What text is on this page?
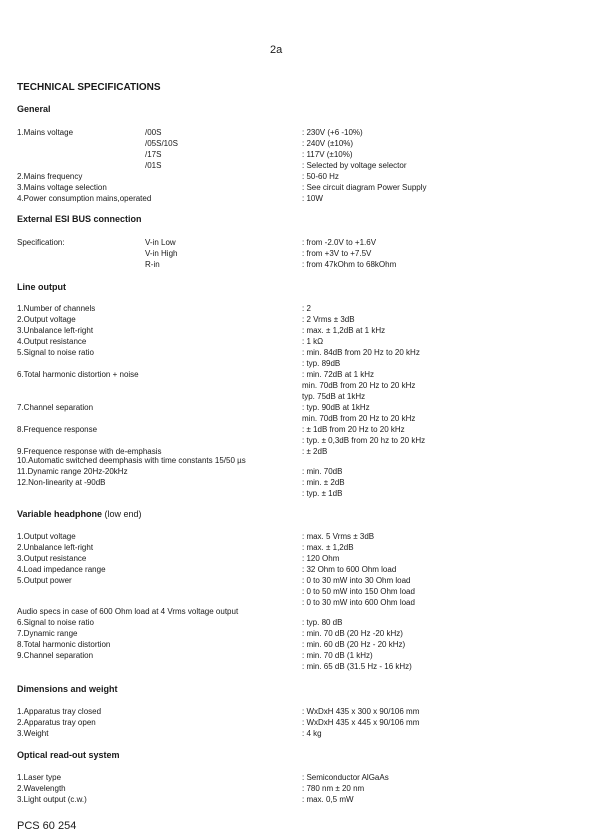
2a
TECHNICAL SPECIFICATIONS
General
1.Mains voltage	/00S	: 230V (+6 -10%)
/05S/10S	: 240V (±10%)
/17S	: 117V (±10%)
/01S	: Selected by voltage selector
2.Mains frequency	: 50-60 Hz
3.Mains voltage selection	: See circuit diagram Power Supply
4.Power consumption mains,operated	: 10W
External ESI BUS connection
Specification:	V-in Low	: from -2.0V to +1.6V
V-in High	: from +3V to +7.5V
R-in	: from 47kOhm to 68kOhm
Line output
1.Number of channels	: 2
2.Output voltage	: 2 Vrms ± 3dB
3.Unbalance left-right	: max. ± 1,2dB at 1 kHz
4.Output resistance	: 1 kΩ
5.Signal to noise ratio	: min. 84dB from 20 Hz to 20 kHz
: typ. 89dB
6.Total harmonic distortion + noise	: min. 72dB at 1 kHz
min. 70dB from 20 Hz to 20 kHz
typ. 75dB at 1kHz
7.Channel separation	: typ. 90dB at 1kHz
min. 70dB from 20 Hz to 20 kHz
8.Frequence response	: ± 1dB from 20 Hz to 20 kHz
: typ. ± 0,3dB from 20 hz to 20 kHz
9.Frequence response with de-emphasis	: ± 2dB
10.Automatic switched deemphasis with time constants 15/50 µs
11.Dynamic range 20Hz-20kHz	: min. 70dB
12.Non-linearity at -90dB	: min. ± 2dB
: typ. ± 1dB
Variable headphone (low end)
1.Output voltage	: max. 5 Vrms ± 3dB
2.Unbalance left-right	: max. ± 1,2dB
3.Output resistance	: 120 Ohm
4.Load impedance range	: 32 Ohm to 600 Ohm load
5.Output power	: 0 to 30 mW into 30 Ohm load
: 0 to 50 mW into 150 Ohm load
: 0 to 30 mW into 600 Ohm load
Audio specs in case of 600 Ohm load at 4 Vrms voltage output
6.Signal to noise ratio	: typ. 80 dB
7.Dynamic range	: min. 70 dB (20 Hz -20 kHz)
8.Total harmonic distortion	: min. 60 dB (20 Hz - 20 kHz)
9.Channel separation	: min. 70 dB (1 kHz)
: min. 65 dB (31.5 Hz - 16 kHz)
Dimensions and weight
1.Apparatus tray closed	: WxDxH 435 x 300 x 90/106 mm
2.Apparatus tray open	: WxDxH 435 x 445 x 90/106 mm
3.Weight	: 4 kg
Optical read-out system
1.Laser type	: Semiconductor AlGaAs
2.Wavelength	: 780 nm ± 20 nm
3.Light output (c.w.)	: max. 0,5 mW
PCS 60 254
